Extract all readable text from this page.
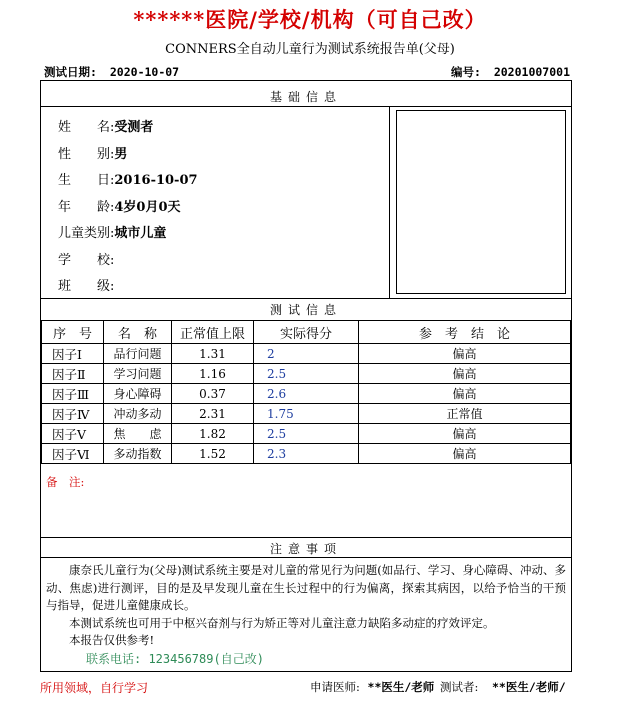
******医院/学校/机构（可自己改）
CONNERS全自动儿童行为测试系统报告单(父母)
测试日期: 2020-10-07	编号: 20201007001
基础信息
姓　　名:受测者
性　　别:男
生　　日:2016-10-07
年　　龄:4岁0月0天
儿童类别:城市儿童
学　　校:
班　　级:
测试信息
序　号	名　称	正常值上限	实际得分	参　考　结　论
因子Ⅰ	品行问题	1.31	2	偏高
因子Ⅱ	学习问题	1.16	2.5	偏高
因子Ⅲ	身心障碍	0.37	2.6	偏高
因子Ⅳ	冲动多动	2.31	1.75	正常值
因子Ⅴ	焦　　虑	1.82	2.5	偏高
因子Ⅵ	多动指数	1.52	2.3	偏高
备　注:
注意事项
康奈氏儿童行为(父母)测试系统主要是对儿童的常见行为问题(如品行、学习、身心障碍、冲动、多动、焦虑)进行测评，目的是及早发现儿童在生长过程中的行为偏离，探索其病因，以给予恰当的干预与指导，促进儿童健康成长。
本测试系统也可用于中枢兴奋剂与行为矫正等对儿童注意力缺陷多动症的疗效评定。
本报告仅供参考!
联系电话: 123456789(自己改)
所用领域，自行学习	申请医师: **医生/老师 测试者: **医生/老师/
